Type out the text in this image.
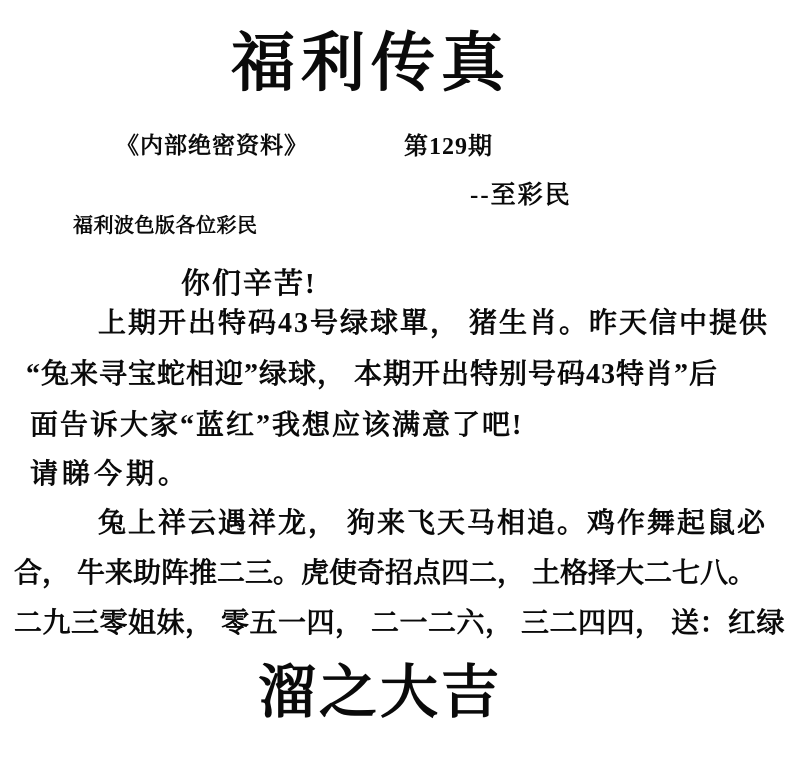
福利传真
《内部绝密资料》	第129期
--至彩民
福利波色版各位彩民
你们辛苦!
上期开出特码43号绿球單， 猪生肖。昨天信中提供
“兔来寻宝蛇相迎”绿球， 本期开出特别号码43特肖”后
面告诉大家“蓝红”我想应该满意了吧!
请睇今期。
兔上祥云遇祥龙， 狗来飞天马相追。鸡作舞起鼠必
合， 牛来助阵推二三。虎使奇招点四二， 土格择大二七八。
二九三零姐妹， 零五一四， 二一二六， 三二四四， 送：红绿
溜之大吉
